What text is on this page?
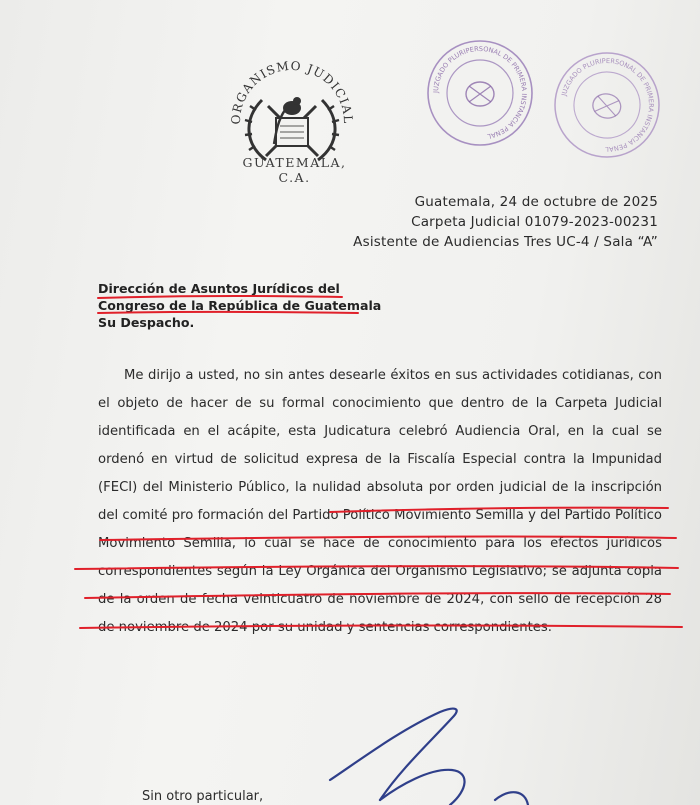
ORGANISMO JUDICIAL
GUATEMALA, C.A.
JUZGADO PLURIPERSONAL DE PRIMERA INSTANCIA PENAL
JUZGADO PLURIPERSONAL DE PRIMERA INSTANCIA PENAL
Guatemala, 24 de octubre de 2025
Carpeta Judicial 01079-2023-00231
Asistente de Audiencias Tres UC-4 / Sala “A”
Dirección de Asuntos Jurídicos del
Congreso de la República de Guatemala
Su Despacho.
Me dirijo a usted, no sin antes desearle éxitos en sus actividades cotidianas, con el objeto de hacer de su formal conocimiento que dentro de la Carpeta Judicial identificada en el acápite, esta Judicatura celebró Audiencia Oral, en la cual se ordenó en virtud de solicitud expresa de la Fiscalía Especial contra la Impunidad (FECI) del Ministerio Público, la nulidad absoluta por orden judicial de la inscripción del comité pro formación del Partido Político Movimiento Semilla y del Partido Político Movimiento Semilla, lo cual se hace de conocimiento para los efectos jurídicos correspondientes según la Ley Orgánica del Organismo Legislativo; se adjunta copia de la orden de fecha veinticuatro de noviembre de 2024, con sello de recepción 28 de noviembre de 2024 por su unidad y sentencias correspondientes.
Sin otro particular,
